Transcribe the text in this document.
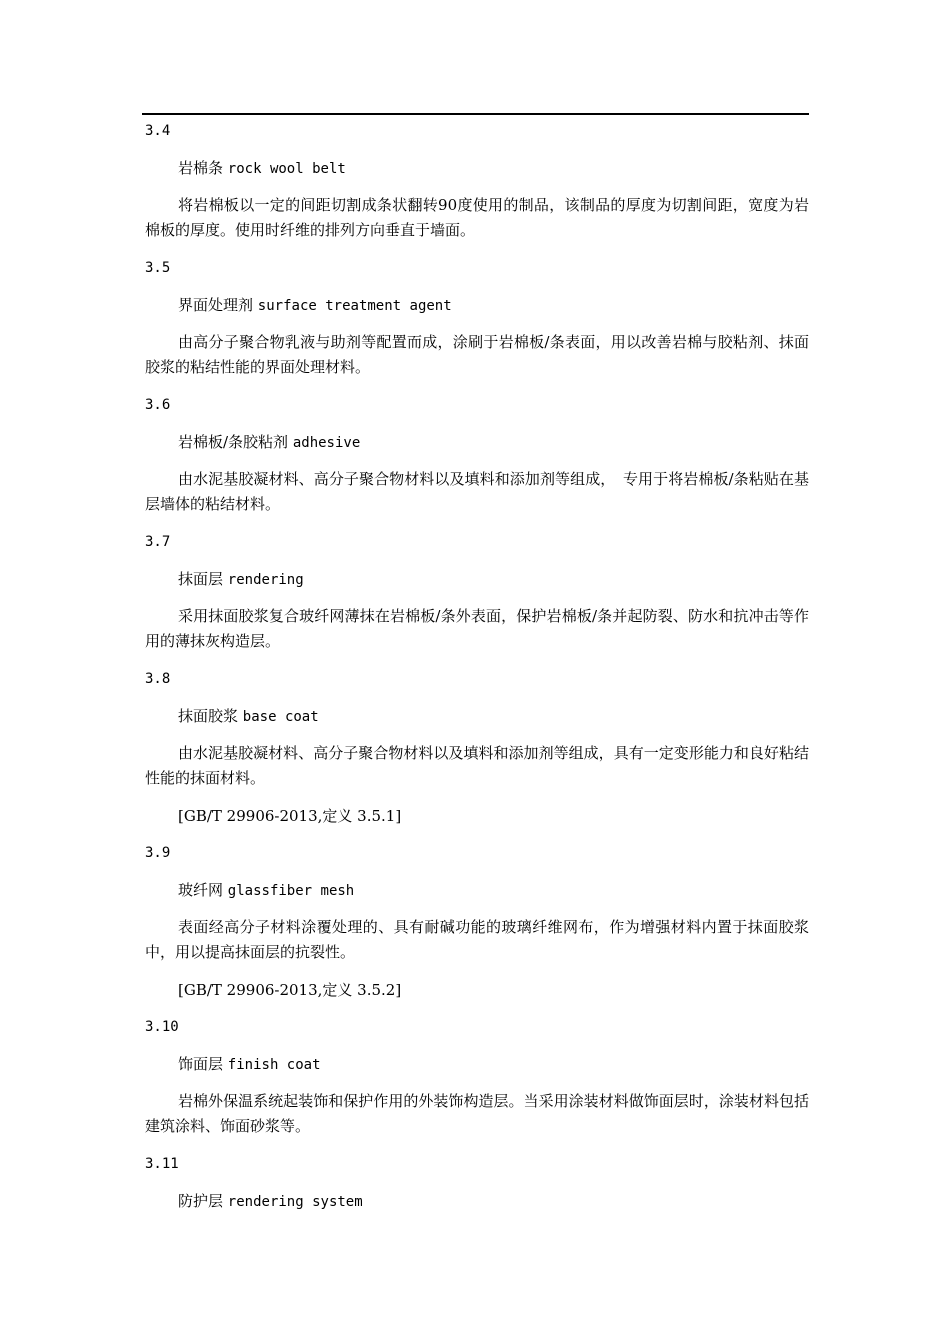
3.4
岩棉条 rock wool belt
将岩棉板以一定的间距切割成条状翻转90度使用的制品，该制品的厚度为切割间距，宽度为岩棉板的厚度。使用时纤维的排列方向垂直于墙面。
3.5
界面处理剂 surface treatment agent
由高分子聚合物乳液与助剂等配置而成，涂刷于岩棉板/条表面，用以改善岩棉与胶粘剂、抹面胶浆的粘结性能的界面处理材料。
3.6
岩棉板/条胶粘剂 adhesive
由水泥基胶凝材料、高分子聚合物材料以及填料和添加剂等组成，　专用于将岩棉板/条粘贴在基层墙体的粘结材料。
3.7
抹面层 rendering
采用抹面胶浆复合玻纤网薄抹在岩棉板/条外表面，保护岩棉板/条并起防裂、防水和抗冲击等作用的薄抹灰构造层。
3.8
抹面胶浆 base coat
由水泥基胶凝材料、高分子聚合物材料以及填料和添加剂等组成，具有一定变形能力和良好粘结性能的抹面材料。
[GB/T 29906-2013,定义 3.5.1]
3.9
玻纤网 glassfiber mesh
表面经高分子材料涂覆处理的、具有耐碱功能的玻璃纤维网布，作为增强材料内置于抹面胶浆中，用以提高抹面层的抗裂性。
[GB/T 29906-2013,定义 3.5.2]
3.10
饰面层 finish coat
岩棉外保温系统起装饰和保护作用的外装饰构造层。当采用涂装材料做饰面层时，涂装材料包括建筑涂料、饰面砂浆等。
3.11
防护层 rendering system
